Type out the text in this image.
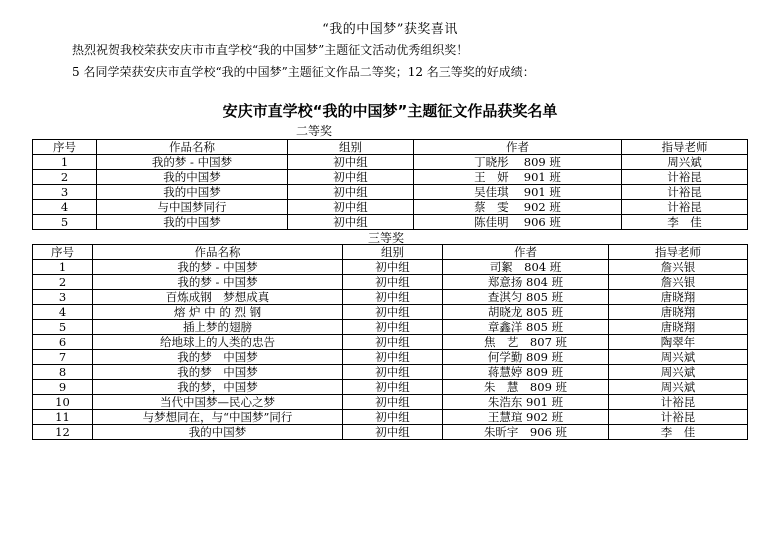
“我的中国梦”获奖喜讯
热烈祝贺我校荣获安庆市市直学校“我的中国梦”主题征文活动优秀组织奖！
5 名同学荣获安庆市直学校“我的中国梦”主题征文作品二等奖；12 名三等奖的好成绩：
安庆市直学校“我的中国梦”主题征文作品获奖名单
二等奖
序号	作品名称	组别	作者	指导老师
1	我的梦 - 中国梦	初中组	丁晓彤　 809 班	周兴斌
2	我的中国梦	初中组	王　妍　 901 班	计裕昆
3	我的中国梦	初中组	吴佳琪　 901 班	计裕昆
4	与中国梦同行	初中组	蔡　雯　 902 班	计裕昆
5	我的中国梦	初中组	陈佳明　 906 班	李　佳
三等奖
序号	作品名称	组别	作者	指导老师
1	我的梦 - 中国梦	初中组	司絮　804 班	詹兴银
2	我的梦 - 中国梦	初中组	郑意扬 804 班	詹兴银
3	百炼成钢　梦想成真	初中组	查淇匀 805 班	唐晓翔
4	熔 炉 中 的 烈 钢	初中组	胡晓龙 805 班	唐晓翔
5	插上梦的翅膀	初中组	章鑫洋 805 班	唐晓翔
6	给地球上的人类的忠告	初中组	焦　艺　807 班	陶翠年
7	我的梦　中国梦	初中组	何学勤 809 班	周兴斌
8	我的梦　中国梦	初中组	蒋慧婷 809 班	周兴斌
9	我的梦，中国梦	初中组	朱　慧　809 班	周兴斌
10	当代中国梦—民心之梦	初中组	朱浩东 901 班	计裕昆
11	与梦想同在，与“中国梦”同行	初中组	王慧瑄 902 班	计裕昆
12	我的中国梦	初中组	朱昕宇　906 班	李　佳
